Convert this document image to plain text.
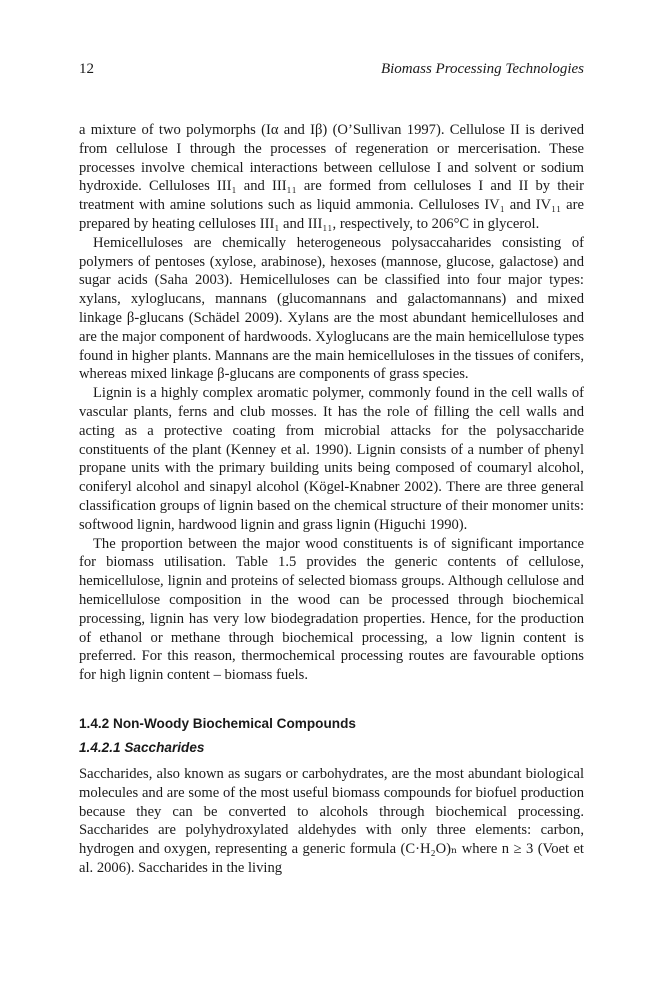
12	Biomass Processing Technologies

a mixture of two polymorphs (Iα and Iβ) (O’Sullivan 1997). Cellulose II is derived from cellulose I through the processes of regeneration or mercerisation. These processes involve chemical interactions between cellulose I and solvent or sodium hydroxide. Celluloses III₁ and III₁₁ are formed from celluloses I and II by their treatment with amine solutions such as liquid ammonia. Celluloses IV₁ and IV₁₁ are prepared by heating celluloses III₁ and III₁₁, respectively, to 206°C in glycerol.

Hemicelluloses are chemically heterogeneous polysaccaharides consisting of polymers of pentoses (xylose, arabinose), hexoses (mannose, glucose, galactose) and sugar acids (Saha 2003). Hemicelluloses can be classified into four major types: xylans, xyloglucans, mannans (glucomannans and galactomannans) and mixed linkage β-glucans (Schädel 2009). Xylans are the most abundant hemicelluloses and are the major component of hardwoods. Xyloglucans are the main hemicellulose types found in higher plants. Mannans are the main hemicelluloses in the tissues of conifers, whereas mixed linkage β-glucans are components of grass species.

Lignin is a highly complex aromatic polymer, commonly found in the cell walls of vascular plants, ferns and club mosses. It has the role of filling the cell walls and acting as a protective coating from microbial attacks for the polysaccharide constituents of the plant (Kenney et al. 1990). Lignin consists of a number of phenyl propane units with the primary building units being composed of coumaryl alcohol, coniferyl alcohol and sinapyl alcohol (Kögel-Knabner 2002). There are three general classification groups of lignin based on the chemical structure of their monomer units: softwood lignin, hardwood lignin and grass lignin (Higuchi 1990).

The proportion between the major wood constituents is of significant importance for biomass utilisation. Table 1.5 provides the generic contents of cellulose, hemicellulose, lignin and proteins of selected biomass groups. Although cellulose and hemicellulose composition in the wood can be processed through biochemical processing, lignin has very low biodegradation properties. Hence, for the production of ethanol or methane through biochemical processing, a low lignin content is preferred. For this reason, thermochemical processing routes are favourable options for high lignin content – biomass fuels.

1.4.2 Non-Woody Biochemical Compounds
1.4.2.1 Saccharides

Saccharides, also known as sugars or carbohydrates, are the most abundant biological molecules and are some of the most useful biomass compounds for biofuel production because they can be converted to alcohols through biochemical processing. Saccharides are polyhydroxylated aldehydes with only three elements: carbon, hydrogen and oxygen, representing a generic formula (C·H₂O)ₙ where n ≥ 3 (Voet et al. 2006). Saccharides in the living
